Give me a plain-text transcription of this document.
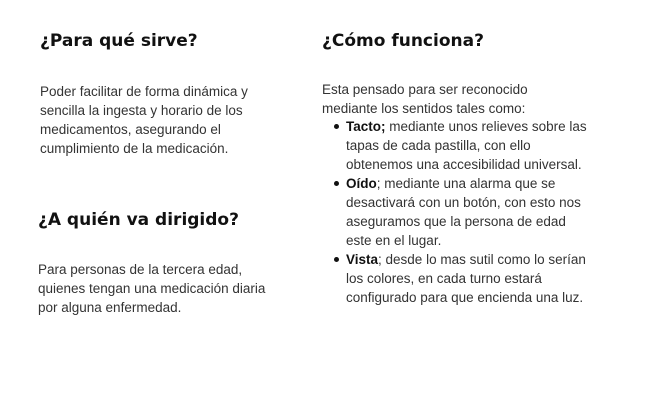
¿Para qué sirve?

Poder facilitar de forma dinámica y sencilla la ingesta y horario de los medicamentos, asegurando el cumplimiento de la medicación.

¿A quién va dirigido?

Para personas de la tercera edad, quienes tengan una medicación diaria por alguna enfermedad.

¿Cómo funciona?

Esta pensado para ser reconocido mediante los sentidos tales como:

Tacto; mediante unos relieves sobre las tapas de cada pastilla, con ello obtenemos una accesibilidad universal.
Oído; mediante una alarma que se desactivará con un botón, con esto nos aseguramos que la persona de edad este en el lugar.
Vista; desde lo mas sutil como lo serían los colores, en cada turno estará configurado para que encienda una luz.
